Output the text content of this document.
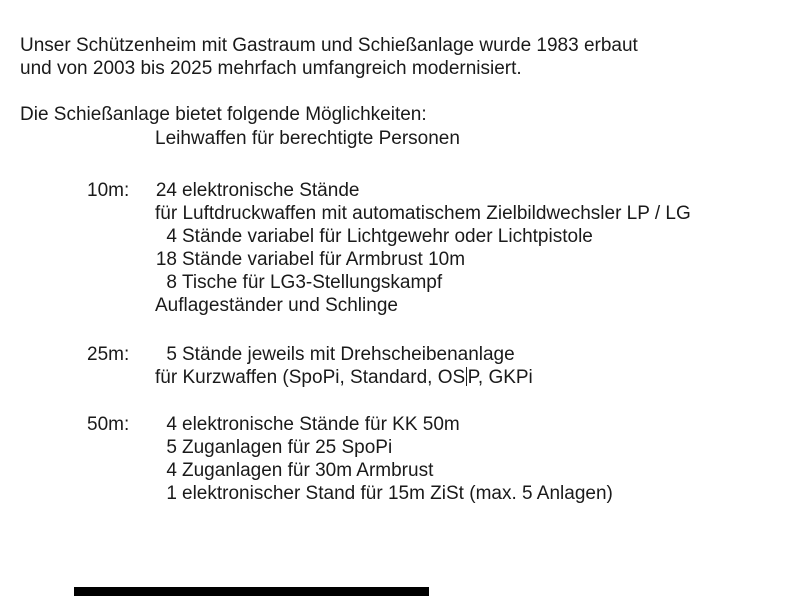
Unser Schützenheim mit Gastraum und Schießanlage wurde 1983 erbaut
und von 2003 bis 2025 mehrfach umfangreich modernisiert.
Die Schießanlage bietet folgende Möglichkeiten:
Leihwaffen für berechtigte Personen
10m:	24 elektronische Stände
für Luftdruckwaffen mit automatischem Zielbildwechsler LP / LG
4 Stände variabel für Lichtgewehr oder Lichtpistole
18 Stände variabel für Armbrust 10m
8 Tische für LG3-Stellungskampf
Auflageständer und Schlinge
25m:	5 Stände jeweils mit Drehscheibenanlage
für Kurzwaffen (SpoPi, Standard, OS P, GKPi
50m:	4 elektronische Stände für KK 50m
5 Zuganlagen für 25 SpoPi
4 Zuganlagen für 30m Armbrust
1 elektronischer Stand für 15m ZiSt (max. 5 Anlagen)
